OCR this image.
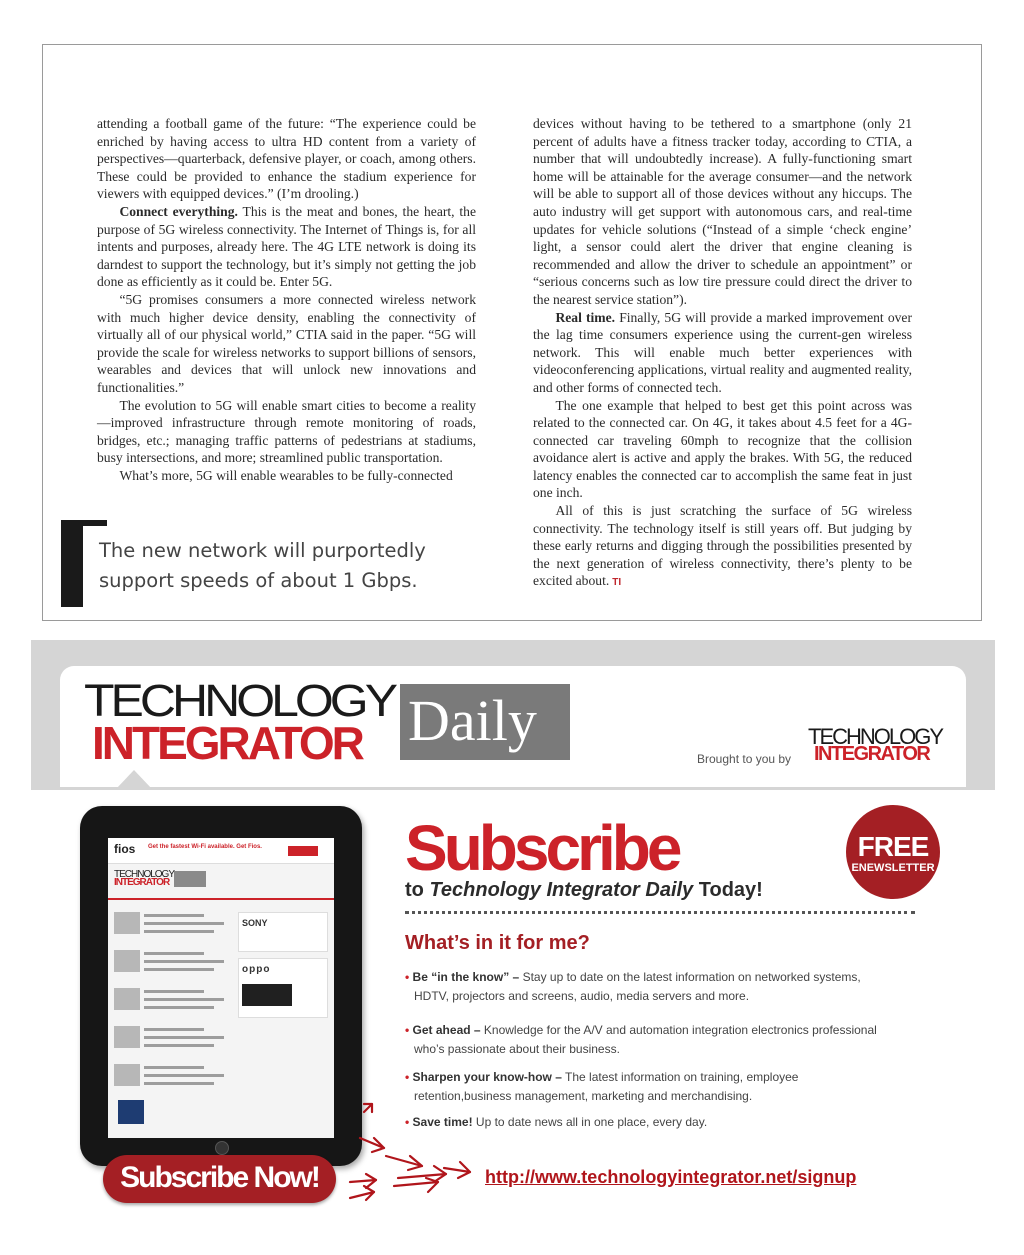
attending a football game of the future: “The experience could be enriched by having access to ultra HD content from a variety of perspectives—quarterback, defensive player, or coach, among others. These could be provided to enhance the stadium experience for viewers with equipped devices.” (I’m drooling.)

Connect everything. This is the meat and bones, the heart, the purpose of 5G wireless connectivity. The Internet of Things is, for all intents and purposes, already here. The 4G LTE network is doing its darndest to support the technology, but it’s simply not getting the job done as efficiently as it could be. Enter 5G.

“5G promises consumers a more connected wireless network with much higher device density, enabling the connectivity of virtually all of our physical world,” CTIA said in the paper. “5G will provide the scale for wireless networks to support billions of sensors, wearables and devices that will unlock new innovations and functionalities.”

The evolution to 5G will enable smart cities to become a reality—improved infrastructure through remote monitoring of roads, bridges, etc.; managing traffic patterns of pedestrians at stadiums, busy intersections, and more; streamlined public transportation.

What’s more, 5G will enable wearables to be fully-connected

The new network will purportedly support speeds of about 1 Gbps.

devices without having to be tethered to a smartphone (only 21 percent of adults have a fitness tracker today, according to CTIA, a number that will undoubtedly increase). A fully-functioning smart home will be attainable for the average consumer—and the network will be able to support all of those devices without any hiccups. The auto industry will get support with autonomous cars, and real-time updates for vehicle solutions (“Instead of a simple ‘check engine’ light, a sensor could alert the driver that engine cleaning is recommended and allow the driver to schedule an appointment” or “serious concerns such as low tire pressure could direct the driver to the nearest service station”).

Real time. Finally, 5G will provide a marked improvement over the lag time consumers experience using the current-gen wireless network. This will enable much better experiences with videoconferencing applications, virtual reality and augmented reality, and other forms of connected tech.

The one example that helped to best get this point across was related to the connected car. On 4G, it takes about 4.5 feet for a 4G-connected car traveling 60mph to recognize that the collision avoidance alert is active and apply the brakes. With 5G, the reduced latency enables the connected car to accomplish the same feat in just one inch.

All of this is just scratching the surface of 5G wireless connectivity. The technology itself is still years off. But judging by these early returns and digging through the possibilities presented by the next generation of wireless connectivity, there’s plenty to be excited about. TI

TECHNOLOGY
INTEGRATOR Daily
Brought to you by
TECHNOLOGY
INTEGRATOR
fios Get the fastest Wi-Fi available. Get Fios.
TECHNOLOGY
INTEGRATOR
SONY
oppo
Subscribe Now!
Subscribe	FREE
ENEWSLETTER
to Technology Integrator Daily Today!
What’s in it for me?
• Be “in the know” – Stay up to date on the latest information on networked systems,
HDTV, projectors and screens, audio, media servers and more.
• Get ahead – Knowledge for the A/V and automation integration electronics professional
who’s passionate about their business.
• Sharpen your know-how – The latest information on training, employee
retention,business management, marketing and merchandising.
• Save time! Up to date news all in one place, every day.
http://www.technologyintegrator.net/signup
